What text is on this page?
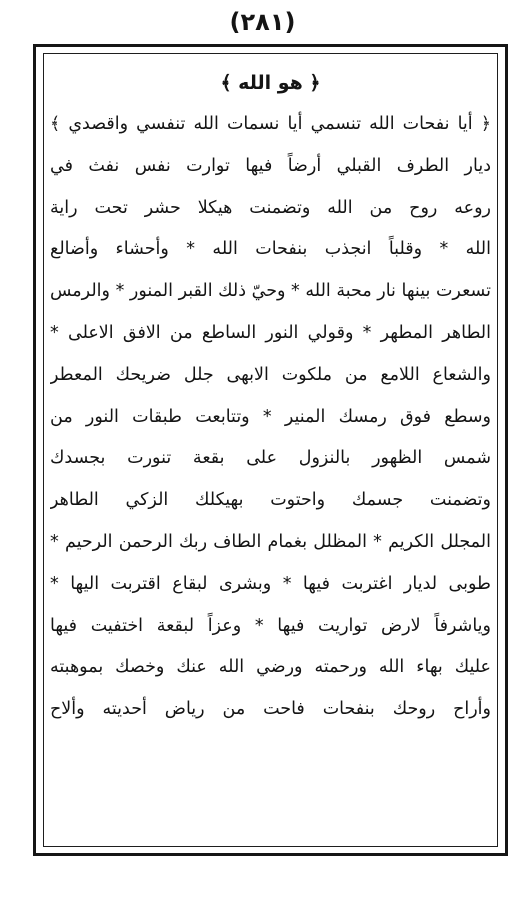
(٢٨١)
﴿ هو الله ﴾
﴿ أيا نفحات الله تنسمي أيا نسمات الله تنفسي واقصدي ﴾
ديار الطرف القبلي أرضاً فيها توارت نفس نفث في
روعه روح من الله وتضمنت هيكلا حشر تحت راية
الله * وقلباً انجذب بنفحات الله * وأحشاء وأضالع
تسعرت بينها نار محبة الله * وحيّ ذلك القبر المنور * والرمس
الطاهر المطهر * وقولي النور الساطع من الافق الاعلى *
والشعاع اللامع من ملكوت الابهى جلل ضريحك المعطر
وسطع فوق رمسك المنير * وتتابعت طبقات النور من
شمس الظهور بالنزول على بقعة تنورت بجسدك
وتضمنت جسمك واحتوت بهيكلك الزكي الطاهر
المجلل الكريم * المظلل بغمام الطاف ربك الرحمن الرحيم *
طوبى لديار اغتربت فيها * وبشرى لبقاع اقتربت اليها *
وياشرفاً لارض تواريت فيها * وعزاً لبقعة اختفيت فيها
عليك بهاء الله ورحمته ورضي الله عنك وخصك بموهبته
وأراح روحك بنفحات فاحت من رياض أحديته وألاح
